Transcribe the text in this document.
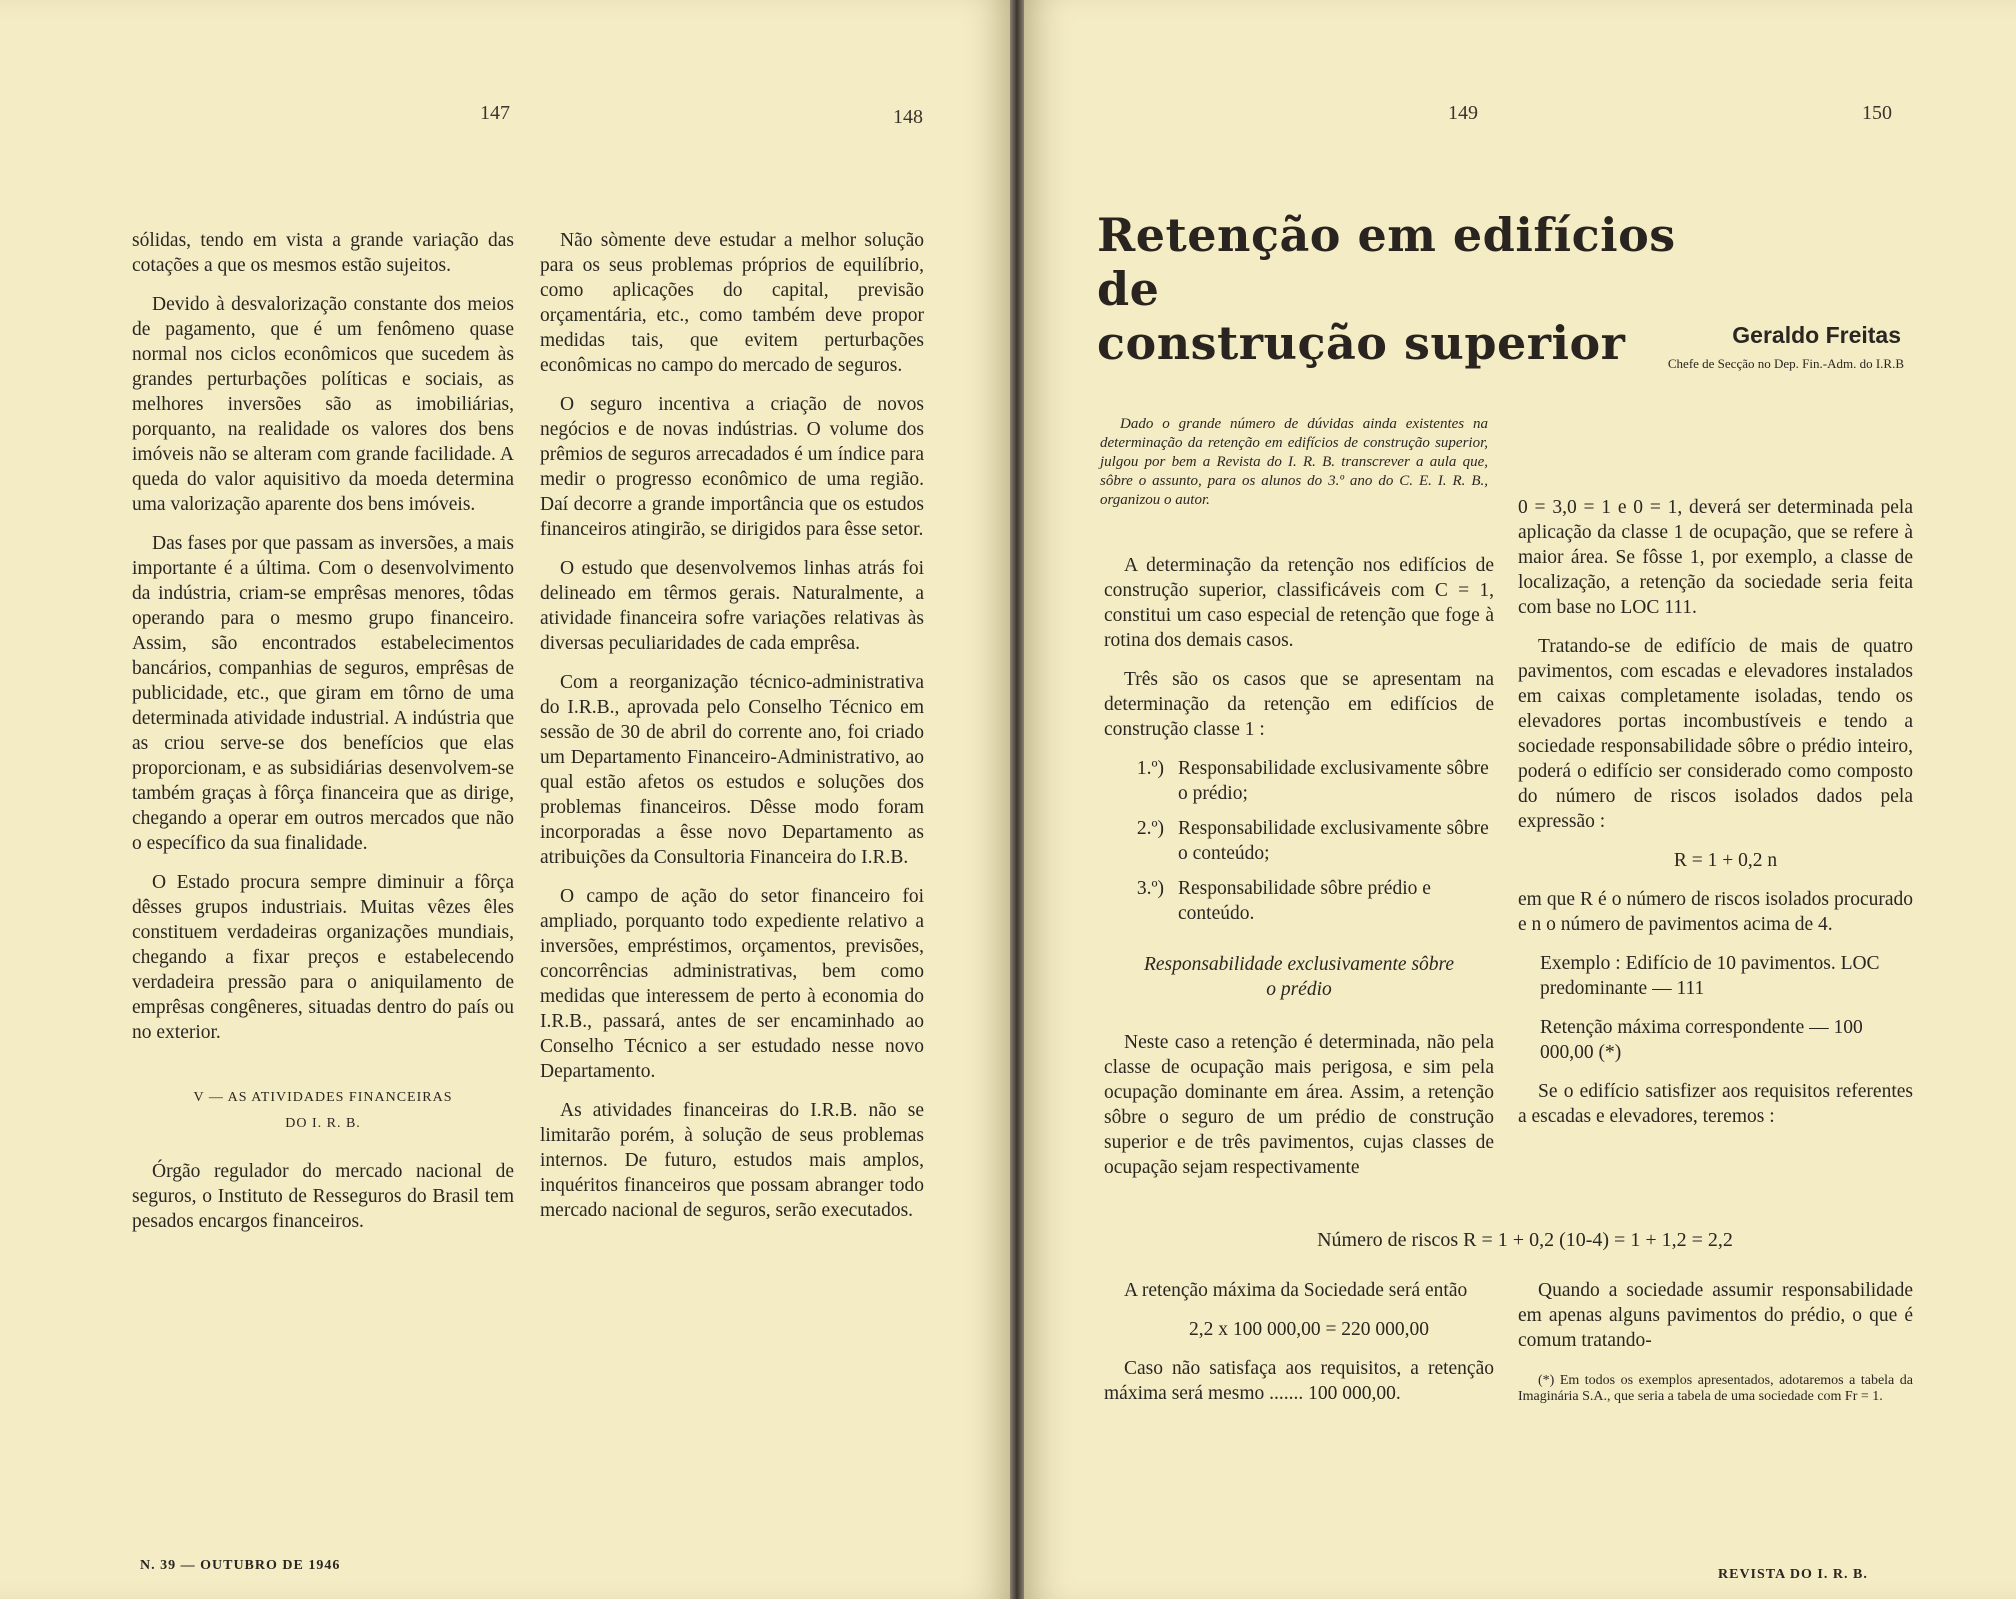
147	148

sólidas, tendo em vista a grande variação das cotações a que os mesmos estão sujeitos.

Devido à desvalorização constante dos meios de pagamento, que é um fenômeno quase normal nos ciclos econômicos que sucedem às grandes perturbações políticas e sociais, as melhores inversões são as imobiliárias, porquanto, na realidade os valores dos bens imóveis não se alteram com grande facilidade. A queda do valor aquisitivo da moeda determina uma valorização aparente dos bens imóveis.

Das fases por que passam as inversões, a mais importante é a última. Com o desenvolvimento da indústria, criam-se emprêsas menores, tôdas operando para o mesmo grupo financeiro. Assim, são encontrados estabelecimentos bancários, companhias de seguros, emprêsas de publicidade, etc., que giram em tôrno de uma determinada atividade industrial. A indústria que as criou serve-se dos benefícios que elas proporcionam, e as subsidiárias desenvolvem-se também graças à fôrça financeira que as dirige, chegando a operar em outros mercados que não o específico da sua finalidade.

O Estado procura sempre diminuir a fôrça dêsses grupos industriais. Muitas vêzes êles constituem verdadeiras organizações mundiais, chegando a fixar preços e estabelecendo verdadeira pressão para o aniquilamento de emprêsas congêneres, situadas dentro do país ou no exterior.

V — AS ATIVIDADES FINANCEIRAS
DO I. R. B.

Órgão regulador do mercado nacional de seguros, o Instituto de Resseguros do Brasil tem pesados encargos financeiros.

Não sòmente deve estudar a melhor solução para os seus problemas próprios de equilíbrio, como aplicações do capital, previsão orçamentária, etc., como também deve propor medidas tais, que evitem perturbações econômicas no campo do mercado de seguros.

O seguro incentiva a criação de novos negócios e de novas indústrias. O volume dos prêmios de seguros arrecadados é um índice para medir o progresso econômico de uma região. Daí decorre a grande importância que os estudos financeiros atingirão, se dirigidos para êsse setor.

O estudo que desenvolvemos linhas atrás foi delineado em têrmos gerais. Naturalmente, a atividade financeira sofre variações relativas às diversas peculiaridades de cada emprêsa.

Com a reorganização técnico-administrativa do I.R.B., aprovada pelo Conselho Técnico em sessão de 30 de abril do corrente ano, foi criado um Departamento Financeiro-Administrativo, ao qual estão afetos os estudos e soluções dos problemas financeiros. Dêsse modo foram incorporadas a êsse novo Departamento as atribuições da Consultoria Financeira do I.R.B.

O campo de ação do setor financeiro foi ampliado, porquanto todo expediente relativo a inversões, empréstimos, orçamentos, previsões, concorrências administrativas, bem como medidas que interessem de perto à economia do I.R.B., passará, antes de ser encaminhado ao Conselho Técnico a ser estudado nesse novo Departamento.

As atividades financeiras do I.R.B. não se limitarão porém, à solução de seus problemas internos. De futuro, estudos mais amplos, inquéritos financeiros que possam abranger todo mercado nacional de seguros, serão executados.

N. 39 — OUTUBRO DE 1946
149	150
Retenção em edifícios de
construção superior	Geraldo Freitas
Chefe de Secção no Dep. Fin.-Adm. do I.R.B

Dado o grande número de dúvidas ainda existentes na determinação da retenção em edifícios de construção superior, julgou por bem a Revista do I. R. B. transcrever a aula que, sôbre o assunto, para os alunos do 3.º ano do C. E. I. R. B., organizou o autor.

A determinação da retenção nos edifícios de construção superior, classificáveis com C = 1, constitui um caso especial de retenção que foge à rotina dos demais casos.

Três são os casos que se apresentam na determinação da retenção em edifícios de construção classe 1 :

1.º) Responsabilidade exclusivamente sôbre o prédio;
2.º) Responsabilidade exclusivamente sôbre o conteúdo;
3.º) Responsabilidade sôbre prédio e conteúdo.
Responsabilidade exclusivamente sôbre
o prédio

Neste caso a retenção é determinada, não pela classe de ocupação mais perigosa, e sim pela ocupação dominante em área. Assim, a retenção sôbre o seguro de um prédio de construção superior e de três pavimentos, cujas classes de ocupação sejam respectivamente

Número de riscos R = 1 + 0,2 (10-4) = 1 + 1,2 = 2,2

A retenção máxima da Sociedade será então

2,2 x 100 000,00 = 220 000,00

Caso não satisfaça aos requisitos, a retenção máxima será mesmo ....... 100 000,00.

0 = 3,0 = 1 e 0 = 1, deverá ser determinada pela aplicação da classe 1 de ocupação, que se refere à maior área. Se fôsse 1, por exemplo, a classe de localização, a retenção da sociedade seria feita com base no LOC 111.

Tratando-se de edifício de mais de quatro pavimentos, com escadas e elevadores instalados em caixas completamente isoladas, tendo os elevadores portas incombustíveis e tendo a sociedade responsabilidade sôbre o prédio inteiro, poderá o edifício ser considerado como composto do número de riscos isolados dados pela expressão :

R = 1 + 0,2 n

em que R é o número de riscos isolados procurado e n o número de pavimentos acima de 4.

Exemplo : Edifício de 10 pavimentos. LOC predominante — 111

Retenção máxima correspondente — 100 000,00 (*)

Se o edifício satisfizer aos requisitos referentes a escadas e elevadores, teremos :

Quando a sociedade assumir responsabilidade em apenas alguns pavimentos do prédio, o que é comum tratando-

(*) Em todos os exemplos apresentados, adotaremos a tabela da Imaginária S.A., que seria a tabela de uma sociedade com Fr = 1.

REVISTA DO I. R. B.
